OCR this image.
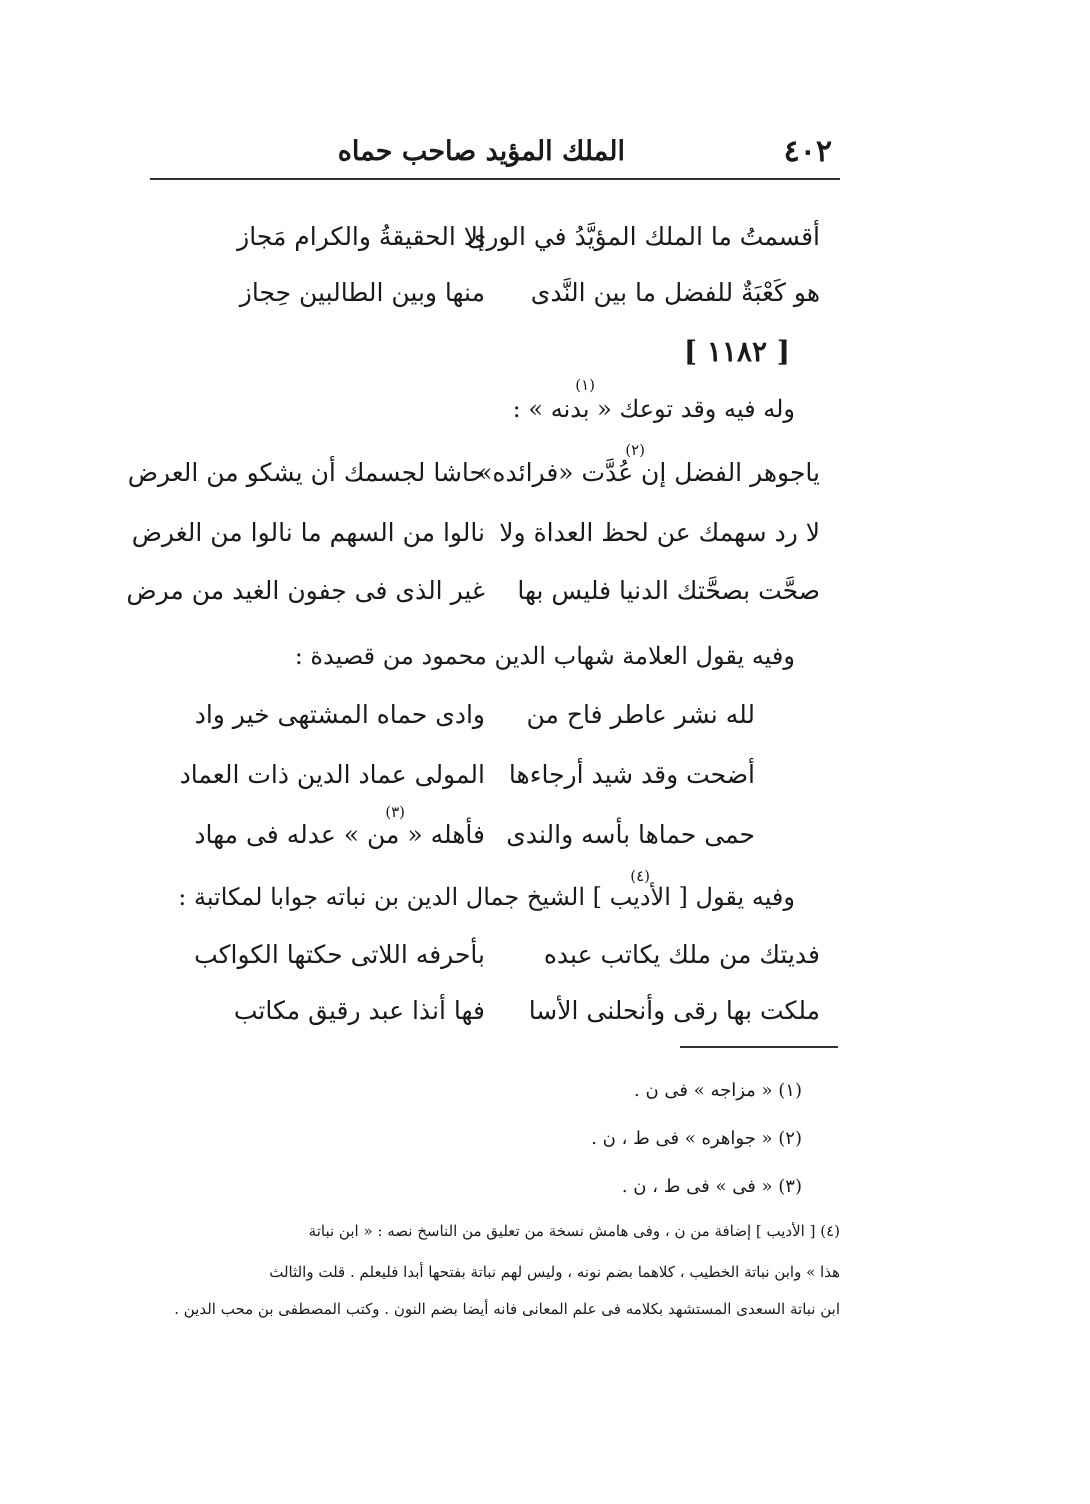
٤٠٢
الملك المؤيد صاحب حماه
أقسمتُ ما الملك المؤيَّدُ في الورى
إلا الحقيقةُ والكرام مَجاز
هو كَعْبَةٌ للفضل ما بين النَّدى
منها وبين الطالبين حِجاز
[ ١١٨٢ ]
وله فيه وقد توعك « بدنه » :
(١)
(٢)
ياجوهر الفضل إن عُدَّت «فرائده»
حاشا لجسمك أن يشكو من العرض
لا رد سهمك عن لحظ العداة ولا
نالوا من السهم ما نالوا من الغرض
صحَّت بصحَّتك الدنيا فليس بها
غير الذى فى جفون الغيد من مرض
وفيه يقول العلامة شهاب الدين محمود من قصيدة :
لله نشر عاطر فاح من
وادى حماه المشتهى خير واد
أضحت وقد شيد أرجاءها
المولى عماد الدين ذات العماد
(٣)
حمى حماها بأسه والندى
فأهله « من » عدله فى مهاد
(٤)
وفيه يقول [ الأديب ] الشيخ جمال الدين بن نباته جوابا لمكاتبة :
فديتك من ملك يكاتب عبده
بأحرفه اللاتى حكتها الكواكب
ملكت بها رقى وأنحلنى الأسا
فها أنذا عبد رقيق مكاتب
(١) « مزاجه » فى ن .
(٢) « جواهره » فى ط ، ن .
(٣) « فى » فى ط ، ن .
(٤) [ الأديب ] إضافة من ن ، وفى هامش نسخة من تعليق من الناسخ نصه : « ابن نباتة
هذا » وابن نباتة الخطيب ، كلاهما بضم نونه ، وليس لهم نباتة بفتحها أبدا فليعلم . قلت والثالث
ابن نباتة السعدى المستشهد بكلامه فى علم المعانى فانه أيضا بضم النون . وكتب المصطفى بن محب الدين .
